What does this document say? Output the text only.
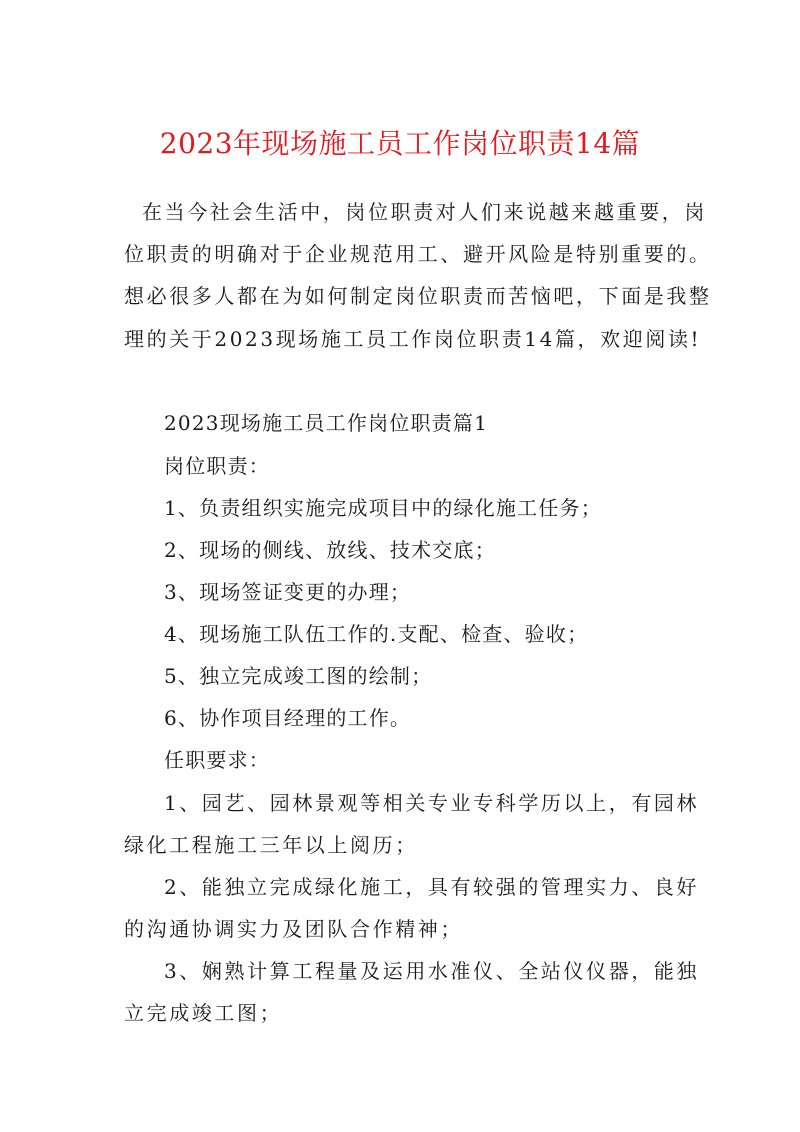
2023年现场施工员工作岗位职责14篇
在当今社会生活中，岗位职责对人们来说越来越重要，岗
位职责的明确对于企业规范用工、避开风险是特别重要的。
想必很多人都在为如何制定岗位职责而苦恼吧，下面是我整
理的关于2023现场施工员工作岗位职责14篇，欢迎阅读!
2023现场施工员工作岗位职责篇1
岗位职责：
1、负责组织实施完成项目中的绿化施工任务；
2、现场的侧线、放线、技术交底；
3、现场签证变更的办理；
4、现场施工队伍工作的.支配、检查、验收；
5、独立完成竣工图的绘制；
6、协作项目经理的工作。
任职要求：
1、园艺、园林景观等相关专业专科学历以上，有园林
绿化工程施工三年以上阅历；
2、能独立完成绿化施工，具有较强的管理实力、良好
的沟通协调实力及团队合作精神；
3、娴熟计算工程量及运用水准仪、全站仪仪器，能独
立完成竣工图；
